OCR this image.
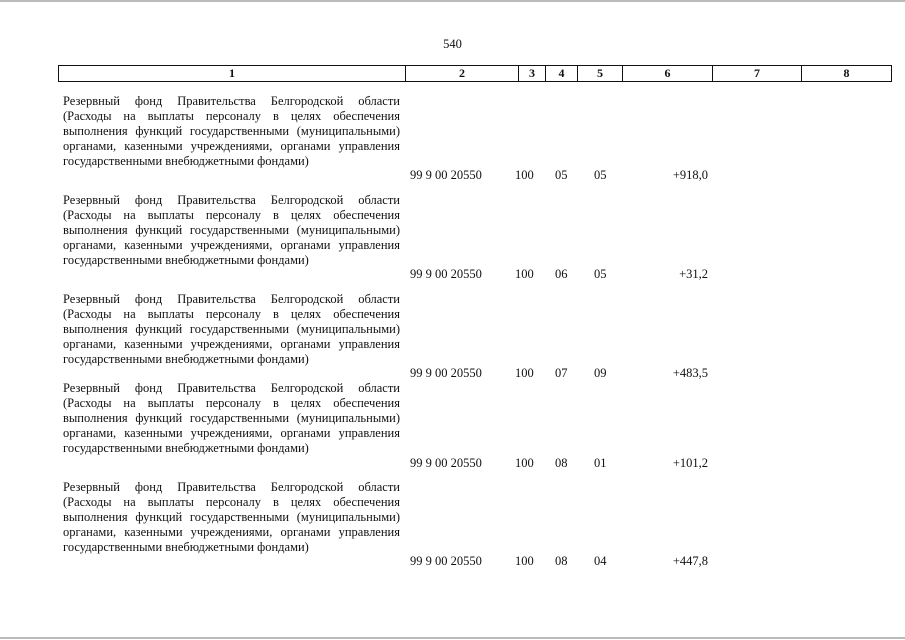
540
1	2	3	4	5	6	7	8
Резервный фонд Правительства Белгородской области (Расходы на выплаты персоналу в целях обеспечения выполнения функций государственными (муниципальными) органами, казенными учреждениями, органами управления государственными внебюджетными фондами)
99 9 00 20550	100 05 05	+918,0
Резервный фонд Правительства Белгородской области (Расходы на выплаты персоналу в целях обеспечения выполнения функций государственными (муниципальными) органами, казенными учреждениями, органами управления государственными внебюджетными фондами)
99 9 00 20550	100 06 05	+31,2
Резервный фонд Правительства Белгородской области (Расходы на выплаты персоналу в целях обеспечения выполнения функций государственными (муниципальными) органами, казенными учреждениями, органами управления государственными внебюджетными фондами)
99 9 00 20550	100 07 09	+483,5
Резервный фонд Правительства Белгородской области (Расходы на выплаты персоналу в целях обеспечения выполнения функций государственными (муниципальными) органами, казенными учреждениями, органами управления государственными внебюджетными фондами)
99 9 00 20550	100 08 01	+101,2
Резервный фонд Правительства Белгородской области (Расходы на выплаты персоналу в целях обеспечения выполнения функций государственными (муниципальными) органами, казенными учреждениями, органами управления государственными внебюджетными фондами)
99 9 00 20550	100 08 04	+447,8
